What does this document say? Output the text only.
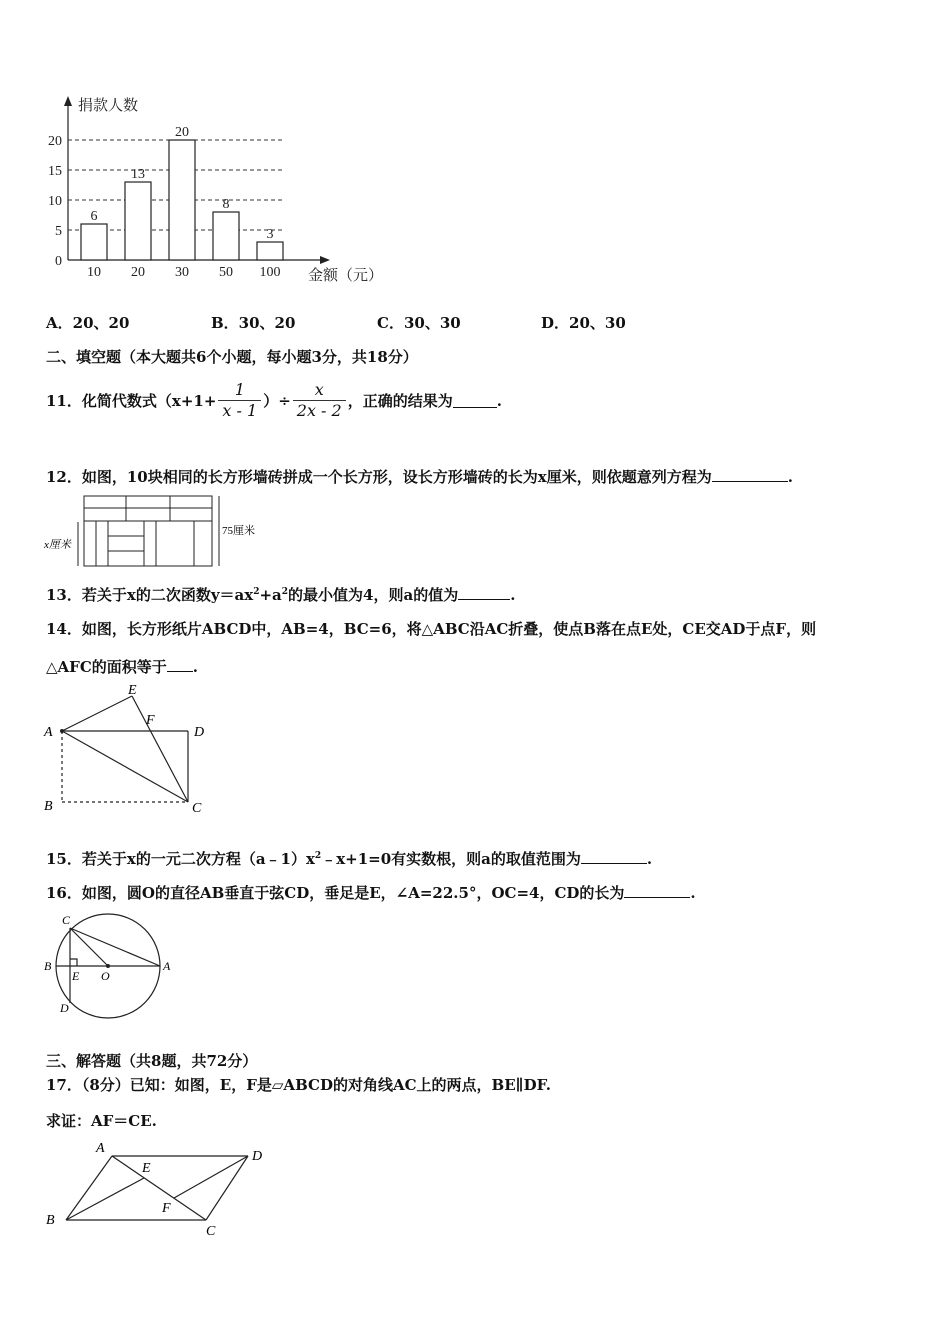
0
5
10
15
20
6
10
13
20
20
30
8
50
3
100
捐款人数
金额（元）
A．20、20	B．30、20	C．30、30	D．20、30
二、填空题（本大题共6个小题，每小题3分，共18分）
11．化简代数式（$x+1+ \frac{1}{x - 1}$ ）÷ $\frac{x}{2x - 2}$ ，正确的结果为	.
12．如图，10块相同的长方形墙砖拼成一个长方形，设长方形墙砖的长为x厘米，则依题意列方程为	.
x厘米
75厘米
13．若关于x的二次函数$y=ax^2+a^2$的最小值为4，则a的值为	.
14．如图，长方形纸片ABCD中，AB=4，BC=6，将△ABC沿AC折叠，使点B落在点E处，CE交AD于点F，则
△AFC的面积等于 .
A
B	C
D
E
F
15．若关于x的一元二次方程$(a﹣1)x^2﹣x+1=0$有实数根，则a的取值范围为	.
16．如图，圆O的直径AB垂直于弦CD，垂足是E，∠A=22.5°，OC=4，CD的长为	.
C
B
E O
A
D
三、解答题（共8题，共72分）
17．（8分）已知：如图，E，F是▱ABCD的对角线AC上的两点，BE∥DF.
求证：AF＝CE.
A
E
D
B
F
C
